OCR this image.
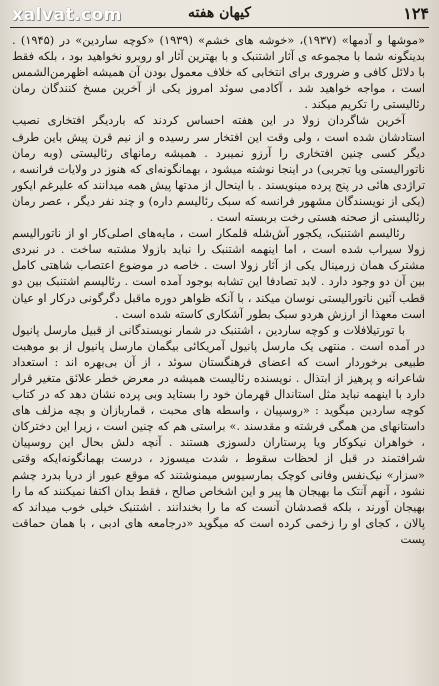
xalvat.com	کیهان هفته	۱۲۴

«موشها و آدمها» (۱۹۳۷)، «خوشه های خشم» (۱۹۳۹) «کوچه ساردین» در (۱۹۴۵) . بدینگونه شما با مجموعه ی آثار اشتنبک و با بهترین آثار او روبرو نخواهید بود ، بلکه فقط با دلائل کافی و ضروری برای انتخابی که خلاف معمول بودن آن همیشه اظهرمن‌الشمس است ، مواجه خواهید شد ، آکادمی سوئد امروز یکی از آخرین مسخ کنندگان رمان رئالیستی را تکریم میکند .

آخرین شاگردان زولا در این هفته احساس کردند که باردیگر افتخاری نصیب استادشان شده است ، ولی وقت این افتخار سر رسیده و از نیم قرن پیش باین طرف دیگر کسی چنین افتخاری را آرزو نمیبرد . همیشه رمانهای رئالیستی (وبه رمان ناتورالیستی ویا تجربی) در اینجا نوشته میشود ، بهمانگونه‌ای که هنوز در ولایات فرانسه ، تراژدی هائی در پنج پرده مینویسند . با اینحال از مدتها پیش همه میدانند که علیرغم ایکور (یکی از نویسندگان مشهور فرانسه که سبک رئالیسم داره) و چند نفر دیگر ، عصر رمان رئالیستی از صحنه هستی رخت بربسته است .

رئالیسم اشتنبک، یکجور آش‌شله قلمکار است ، مایه‌های اصلی‌کار او از ناتورالیسم زولا سیراب شده است ، اما اینهمه اشتنبک را نباید بازولا مشتبه ساخت . در نبردی مشترک همان زرمینال یکی از آثار زولا است . خاصه در موضوع اعتصاب شاهتی کامل بین آن دو وجود دارد . لابد تصادفا این تشابه بوجود آمده است . رئالیسم اشتنبک بین دو قطب آئین ناتورالیستی نوسان میکند ، با آنکه ظواهر دوره ماقبل دگرگونی درکار او عیان است معهذا از ارزش هردو سبک بطور آشکاری کاسته شده است .

با تورتیلافلات و کوچه ساردین ، اشتنبک در شمار نویسندگانی از قبیل مارسل پانیول در آمده است . منتهی یک مارسل پانیول آمریکائی بیگمان مارسل پانیول از بو موهبت طبیعی برخوردار است که اعضای فرهنگستان سوئد ، از آن بی‌بهره اند : استعداد شاعرانه و پرهیز از ابتذال . نویسنده رئالیست همیشه در معرض خطر علائق متغیر قرار دارد با اینهمه نباید مثل استاندال قهرمان خود را بستاید وبی پرده نشان دهد که در کتاب کوچه ساردین میگوید : «روسپیان ، واسطه های محبت ، قماربازان و بچه مزلف های داستانهای من همگی فرشته و مقدسند .» براستی هم که چنین است ، زیرا این دخترکان ، خواهران نیکوکار ویا پرستاران دلسوزی هستند . آنچه دلش بحال این روسپیان شرافتمند در قبل از لحظات سقوط ، شدت میسوزد ، درست بهمانگونه‌ایکه وقتی «سزار» نیک‌نفس وفانی کوچک بمارسیوس میمنوشتند که موقع عبور از دریا بدرد چشم نشود ، آنهم آنتک ما بهیجان ها پیر و این اشخاص صالح ، فقط بدان اکتفا نمیکنند که ما را بهیجان آورند ، بلکه قصدشان آنست که ما را بخندانند . اشتنبک خیلی خوب میداند که پالان ، کجای او را زخمی کرده است که میگوید «درجامعه های ادبی ، با همان حماقت پست
